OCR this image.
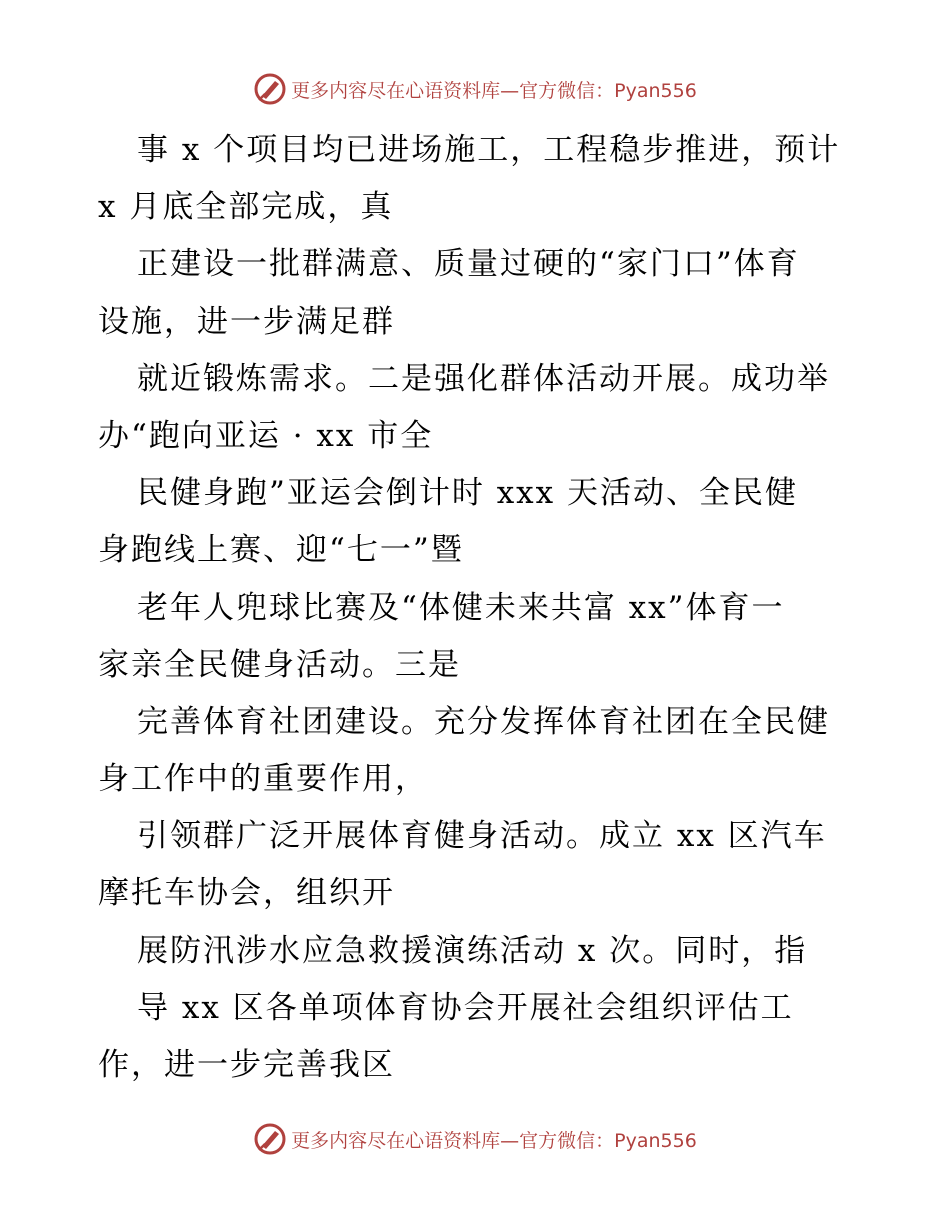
更多内容尽在心语资料库—官方微信：Pyan556
事 x 个项目均已进场施工，工程稳步推进，预计
x 月底全部完成，真
正建设一批群满意、质量过硬的“家门口”体育
设施，进一步满足群
就近锻炼需求。二是强化群体活动开展。成功举
办“跑向亚运 · xx 市全
民健身跑”亚运会倒计时 xxx 天活动、全民健
身跑线上赛、迎“七一”暨
老年人兜球比赛及“体健未来共富 xx”体育一
家亲全民健身活动。三是
完善体育社团建设。充分发挥体育社团在全民健
身工作中的重要作用，
引领群广泛开展体育健身活动。成立 xx 区汽车
摩托车协会，组织开
展防汛涉水应急救援演练活动 x 次。同时，指
导 xx 区各单项体育协会开展社会组织评估工
作，进一步完善我区
更多内容尽在心语资料库—官方微信：Pyan556
